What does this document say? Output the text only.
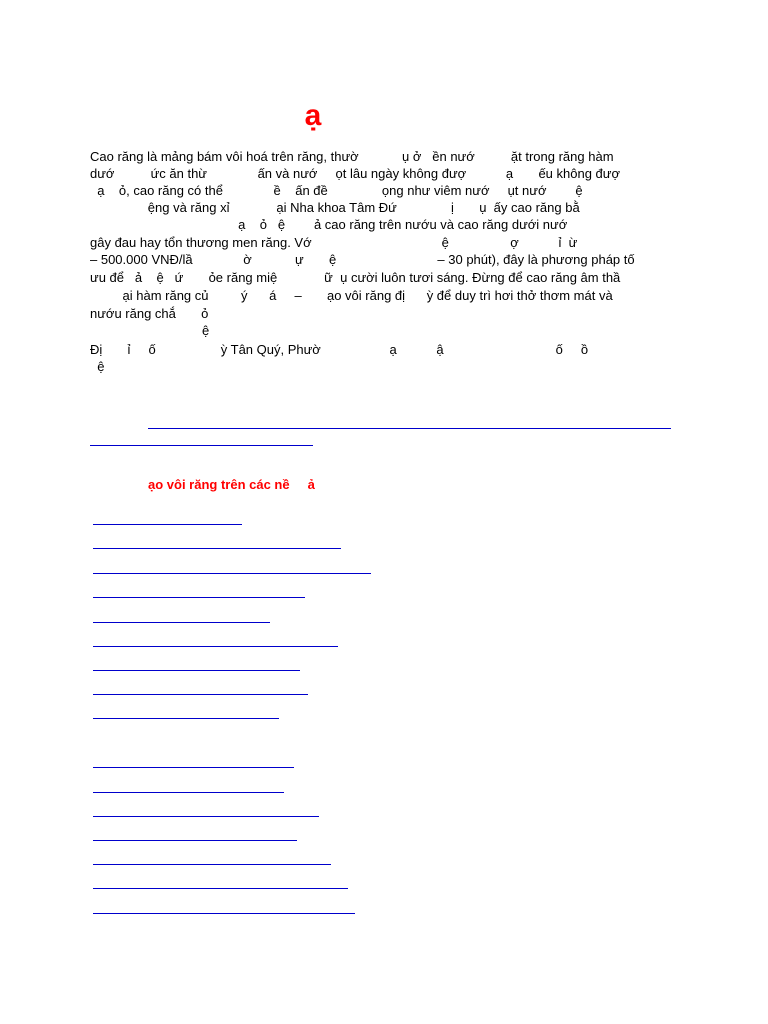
ạ
Cao răng là mảng bám vôi hoá trên răng, thườ            ụ ở   ền nướ          ặt trong răng hàm
dướ          ức ăn thừ              ấn và nướ     ọt lâu ngày không đượ           ạ       ếu không đượ
ạ    ỏ, cao răng có thể              ề    ấn đề               ọng như viêm nướ     ụt nướ        ệ
ệng và răng xỉ             ại Nha khoa Tâm Đứ               ị       ụ  ấy cao răng bằ
ạ    ỏ   ệ        ả cao răng trên nướu và cao răng dưới nướ
gây đau hay tổn thương men răng. Vớ                                    ệ                 ợ           ỉ  ừ
– 500.000 VNĐ/lầ              ờ            ự       ệ                            – 30 phút), đây là phương pháp tố
ưu để   ả    ệ   ứ       ỏe răng miệ             ữ  ụ cười luôn tươi sáng. Đừng để cao răng âm thầ
ại hàm răng củ         ý      á     –       ạo vôi răng đị      ỳ để duy trì hơi thở thơm mát và
nướu răng chắ       ỏ
ệ
Đị       ỉ     ố                  ỳ Tân Quý, Phườ                   ạ           ậ                               ố     ồ
ệ
ạo vôi răng trên các nề     ả
